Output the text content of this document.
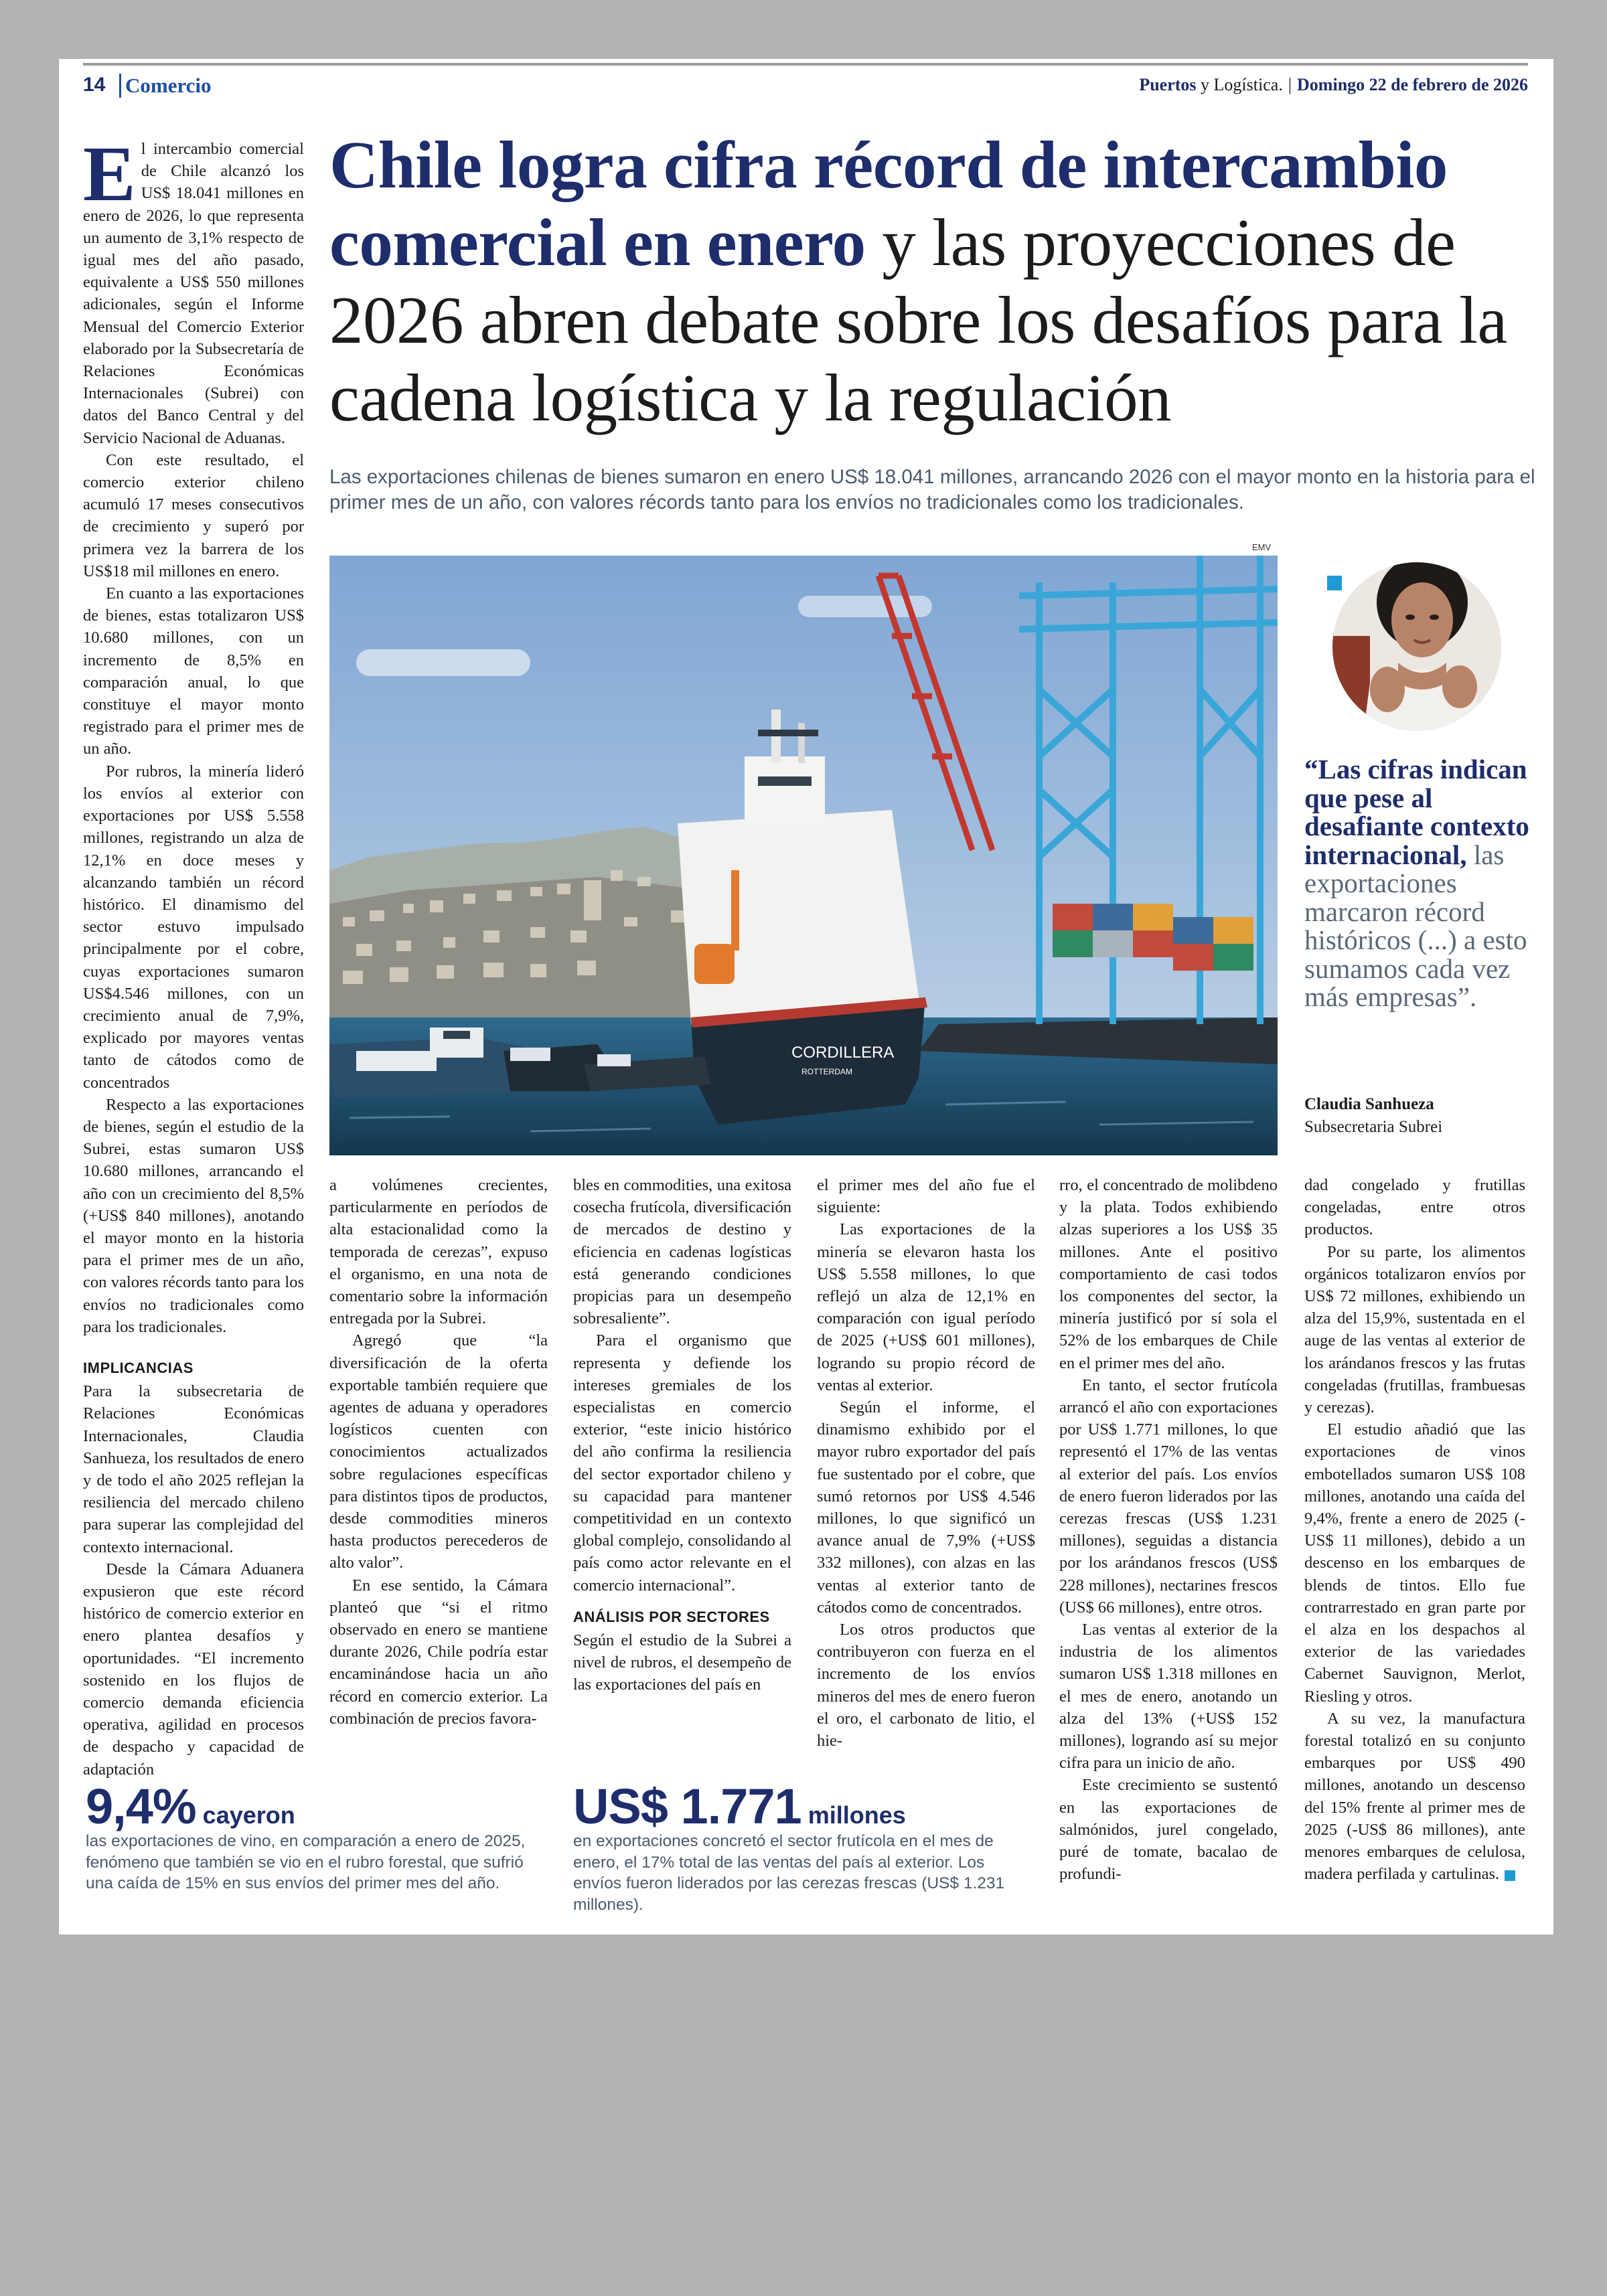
14 Comercio	Puertos y Logística. | Domingo 22 de febrero de 2026

El intercambio comercial de Chile alcanzó los US$ 18.041 millones en enero de 2026, lo que representa un aumento de 3,1% respecto de igual mes del año pasado, equivalente a US$ 550 millones adicionales, según el Informe Mensual del Comercio Exterior elaborado por la Subsecretaría de Relaciones Económicas Internacionales (Subrei) con datos del Banco Central y del Servicio Nacional de Aduanas.

Con este resultado, el comercio exterior chileno acumuló 17 meses consecutivos de crecimiento y superó por primera vez la barrera de los US$18 mil millones en enero.

En cuanto a las exportaciones de bienes, estas totalizaron US$ 10.680 millones, con un incremento de 8,5% en comparación anual, lo que constituye el mayor monto registrado para el primer mes de un año.

Por rubros, la minería lideró los envíos al exterior con exportaciones por US$ 5.558 millones, registrando un alza de 12,1% en doce meses y alcanzando también un récord histórico. El dinamismo del sector estuvo impulsado principalmente por el cobre, cuyas exportaciones sumaron US$4.546 millones, con un crecimiento anual de 7,9%, explicado por mayores ventas tanto de cátodos como de concentrados

Respecto a las exportaciones de bienes, según el estudio de la Subrei, estas sumaron US$ 10.680 millones, arrancando el año con un crecimiento del 8,5% (+US$ 840 millones), anotando el mayor monto en la historia para el primer mes de un año, con valores récords tanto para los envíos no tradicionales como para los tradicionales.

IMPLICANCIAS

Para la subsecretaria de Relaciones Económicas Internacionales, Claudia Sanhueza, los resultados de enero y de todo el año 2025 reflejan la resiliencia del mercado chileno para superar las complejidad del contexto internacional.

Desde la Cámara Aduanera expusieron que este récord histórico de comercio exterior en enero plantea desafíos y oportunidades. “El incremento sostenido en los flujos de comercio demanda eficiencia operativa, agilidad en procesos de despacho y capacidad de adaptación

Chile logra cifra récord de intercambio comercial en enero y las proyecciones de 2026 abren debate sobre los desafíos para la cadena logística y la regulación
Las exportaciones chilenas de bienes sumaron en enero US$ 18.041 millones, arrancando 2026 con el mayor monto en la historia para el primer mes de un año, con valores récords tanto para los envíos no tradicionales como los tradicionales.
EMV
CORDILLERA
ROTTERDAM
“Las cifras indican que pese al desafiante contexto internacional, las exportaciones marcaron récord históricos (...) a esto sumamos cada vez más empresas”.
Claudia Sanhueza
Subsecretaria Subrei

a volúmenes crecientes, particularmente en períodos de alta estacionalidad como la temporada de cerezas”, expuso el organismo, en una nota de comentario sobre la información entregada por la Subrei.

Agregó que “la diversificación de la oferta exportable también requiere que agentes de aduana y operadores logísticos cuenten con conocimientos actualizados sobre regulaciones específicas para distintos tipos de productos, desde commodities mineros hasta productos perecederos de alto valor”.

En ese sentido, la Cámara planteó que “si el ritmo observado en enero se mantiene durante 2026, Chile podría estar encaminándose hacia un año récord en comercio exterior. La combinación de precios favora-

bles en commodities, una exitosa cosecha frutícola, diversificación de mercados de destino y eficiencia en cadenas logísticas está generando condiciones propicias para un desempeño sobresaliente”.

Para el organismo que representa y defiende los intereses gremiales de los especialistas en comercio exterior, “este inicio histórico del año confirma la resiliencia del sector exportador chileno y su capacidad para mantener competitividad en un contexto global complejo, consolidando al país como actor relevante en el comercio internacional”.

ANÁLISIS POR SECTORES

Según el estudio de la Subrei a nivel de rubros, el desempeño de las exportaciones del país en

el primer mes del año fue el siguiente:

Las exportaciones de la minería se elevaron hasta los US$ 5.558 millones, lo que reflejó un alza de 12,1% en comparación con igual período de 2025 (+US$ 601 millones), logrando su propio récord de ventas al exterior.

Según el informe, el dinamismo exhibido por el mayor rubro exportador del país fue sustentado por el cobre, que sumó retornos por US$ 4.546 millones, lo que significó un avance anual de 7,9% (+US$ 332 millones), con alzas en las ventas al exterior tanto de cátodos como de concentrados.

Los otros productos que contribuyeron con fuerza en el incremento de los envíos mineros del mes de enero fueron el oro, el carbonato de litio, el hie-

rro, el concentrado de molibdeno y la plata. Todos exhibiendo alzas superiores a los US$ 35 millones. Ante el positivo comportamiento de casi todos los componentes del sector, la minería justificó por sí sola el 52% de los embarques de Chile en el primer mes del año.

En tanto, el sector frutícola arrancó el año con exportaciones por US$ 1.771 millones, lo que representó el 17% de las ventas al exterior del país. Los envíos de enero fueron liderados por las cerezas frescas (US$ 1.231 millones), seguidas a distancia por los arándanos frescos (US$ 228 millones), nectarines frescos (US$ 66 millones), entre otros.

Las ventas al exterior de la industria de los alimentos sumaron US$ 1.318 millones en el mes de enero, anotando un alza del 13% (+US$ 152 millones), logrando así su mejor cifra para un inicio de año.

Este crecimiento se sustentó en las exportaciones de salmónidos, jurel congelado, puré de tomate, bacalao de profundi-

dad congelado y frutillas congeladas, entre otros productos.

Por su parte, los alimentos orgánicos totalizaron envíos por US$ 72 millones, exhibiendo un alza del 15,9%, sustentada en el auge de las ventas al exterior de los arándanos frescos y las frutas congeladas (frutillas, frambuesas y cerezas).

El estudio añadió que las exportaciones de vinos embotellados sumaron US$ 108 millones, anotando una caída del 9,4%, frente a enero de 2025 (-US$ 11 millones), debido a un descenso en los embarques de blends de tintos. Ello fue contrarrestado en gran parte por el alza en los despachos al exterior de las variedades Cabernet Sauvignon, Merlot, Riesling y otros.

A su vez, la manufactura forestal totalizó en su conjunto embarques por US$ 490 millones, anotando un descenso del 15% frente al primer mes de 2025 (-US$ 86 millones), ante menores embarques de celulosa, madera perfilada y cartulinas.

9,4% cayeron
las exportaciones de vino, en comparación a enero de 2025, fenómeno que también se vio en el rubro forestal, que sufrió una caída de 15% en sus envíos del primer mes del año.
US$ 1.771 millones
en exportaciones concretó el sector frutícola en el mes de enero, el 17% total de las ventas del país al exterior. Los envíos fueron liderados por las cerezas frescas (US$ 1.231 millones).
